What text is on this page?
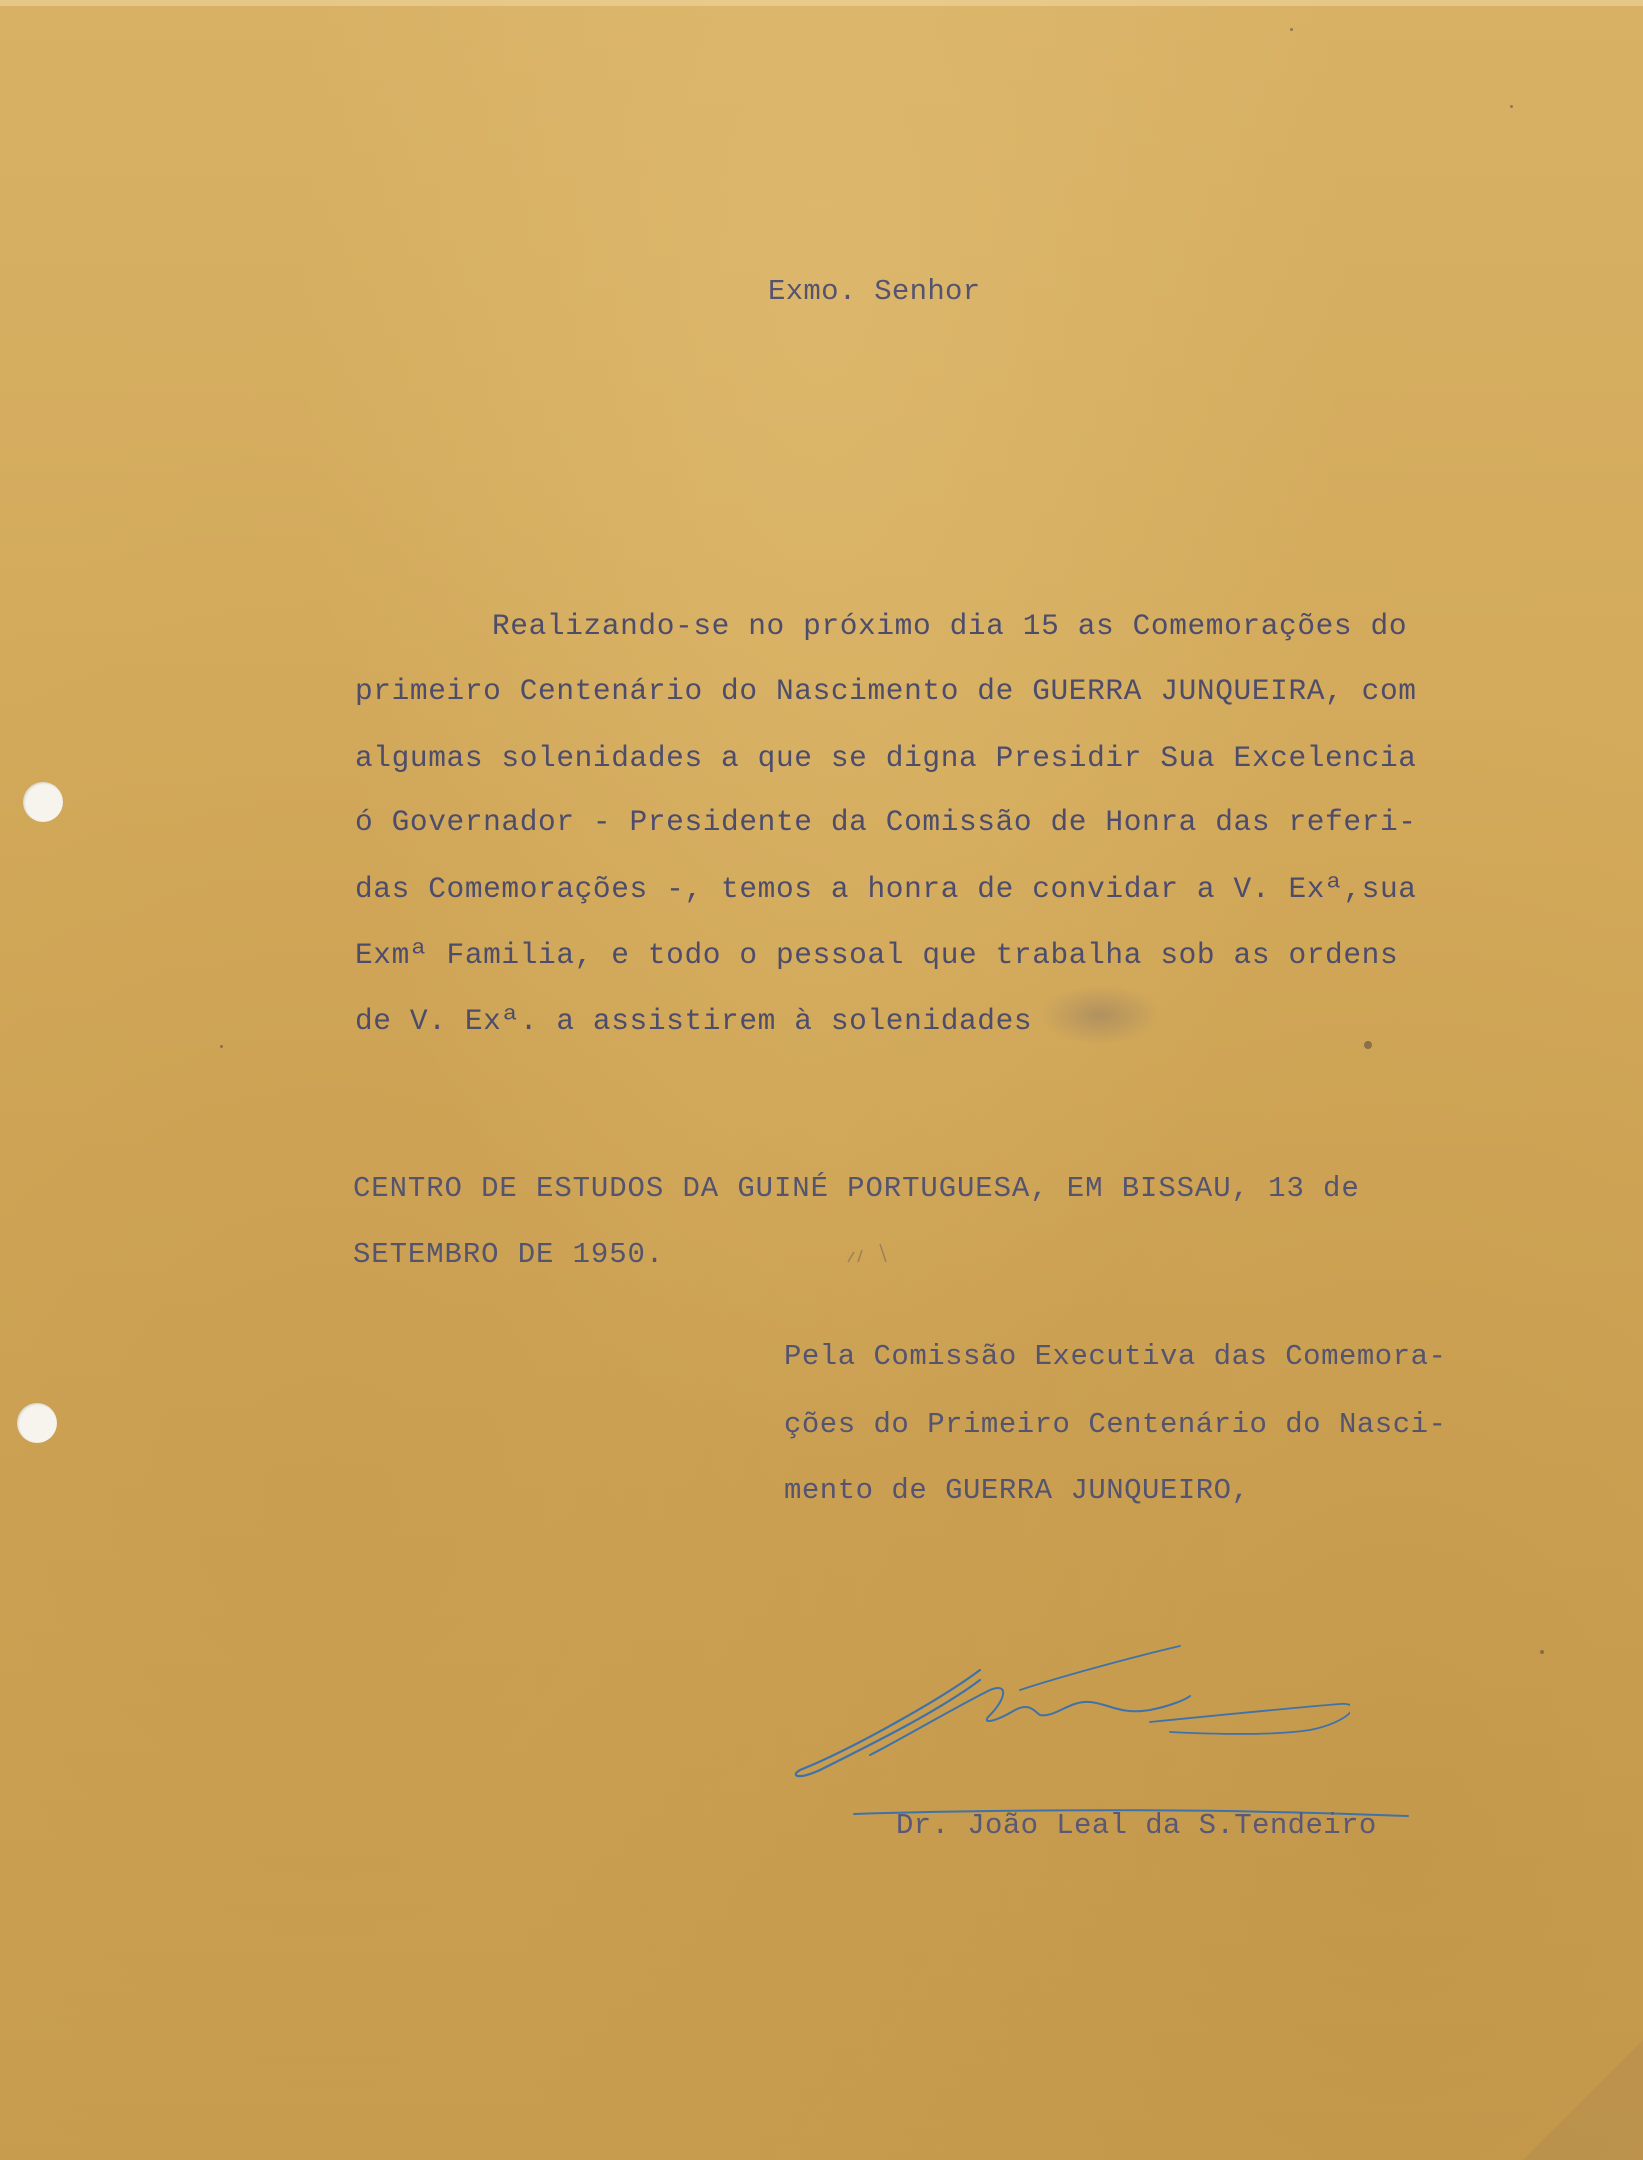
Exmo. Senhor
Realizando-se no próximo dia 15 as Comemorações do
primeiro Centenário do Nascimento de GUERRA JUNQUEIRA, com
algumas solenidades a que se digna Presidir Sua Excelencia
ó Governador - Presidente da Comissão de Honra das referi-
das Comemorações -, temos a honra de convidar a V. Exª,sua
Exmª Familia, e todo o pessoal que trabalha sob as ordens
de V. Exª. a assistirem à solenidades
CENTRO DE ESTUDOS DA GUINÉ PORTUGUESA, EM BISSAU, 13 de
SETEMBRO DE 1950.
Pela Comissão Executiva das Comemora-
ções do Primeiro Centenário do Nasci-
mento de GUERRA JUNQUEIRO,
Dr. João Leal da S.Tendeiro
